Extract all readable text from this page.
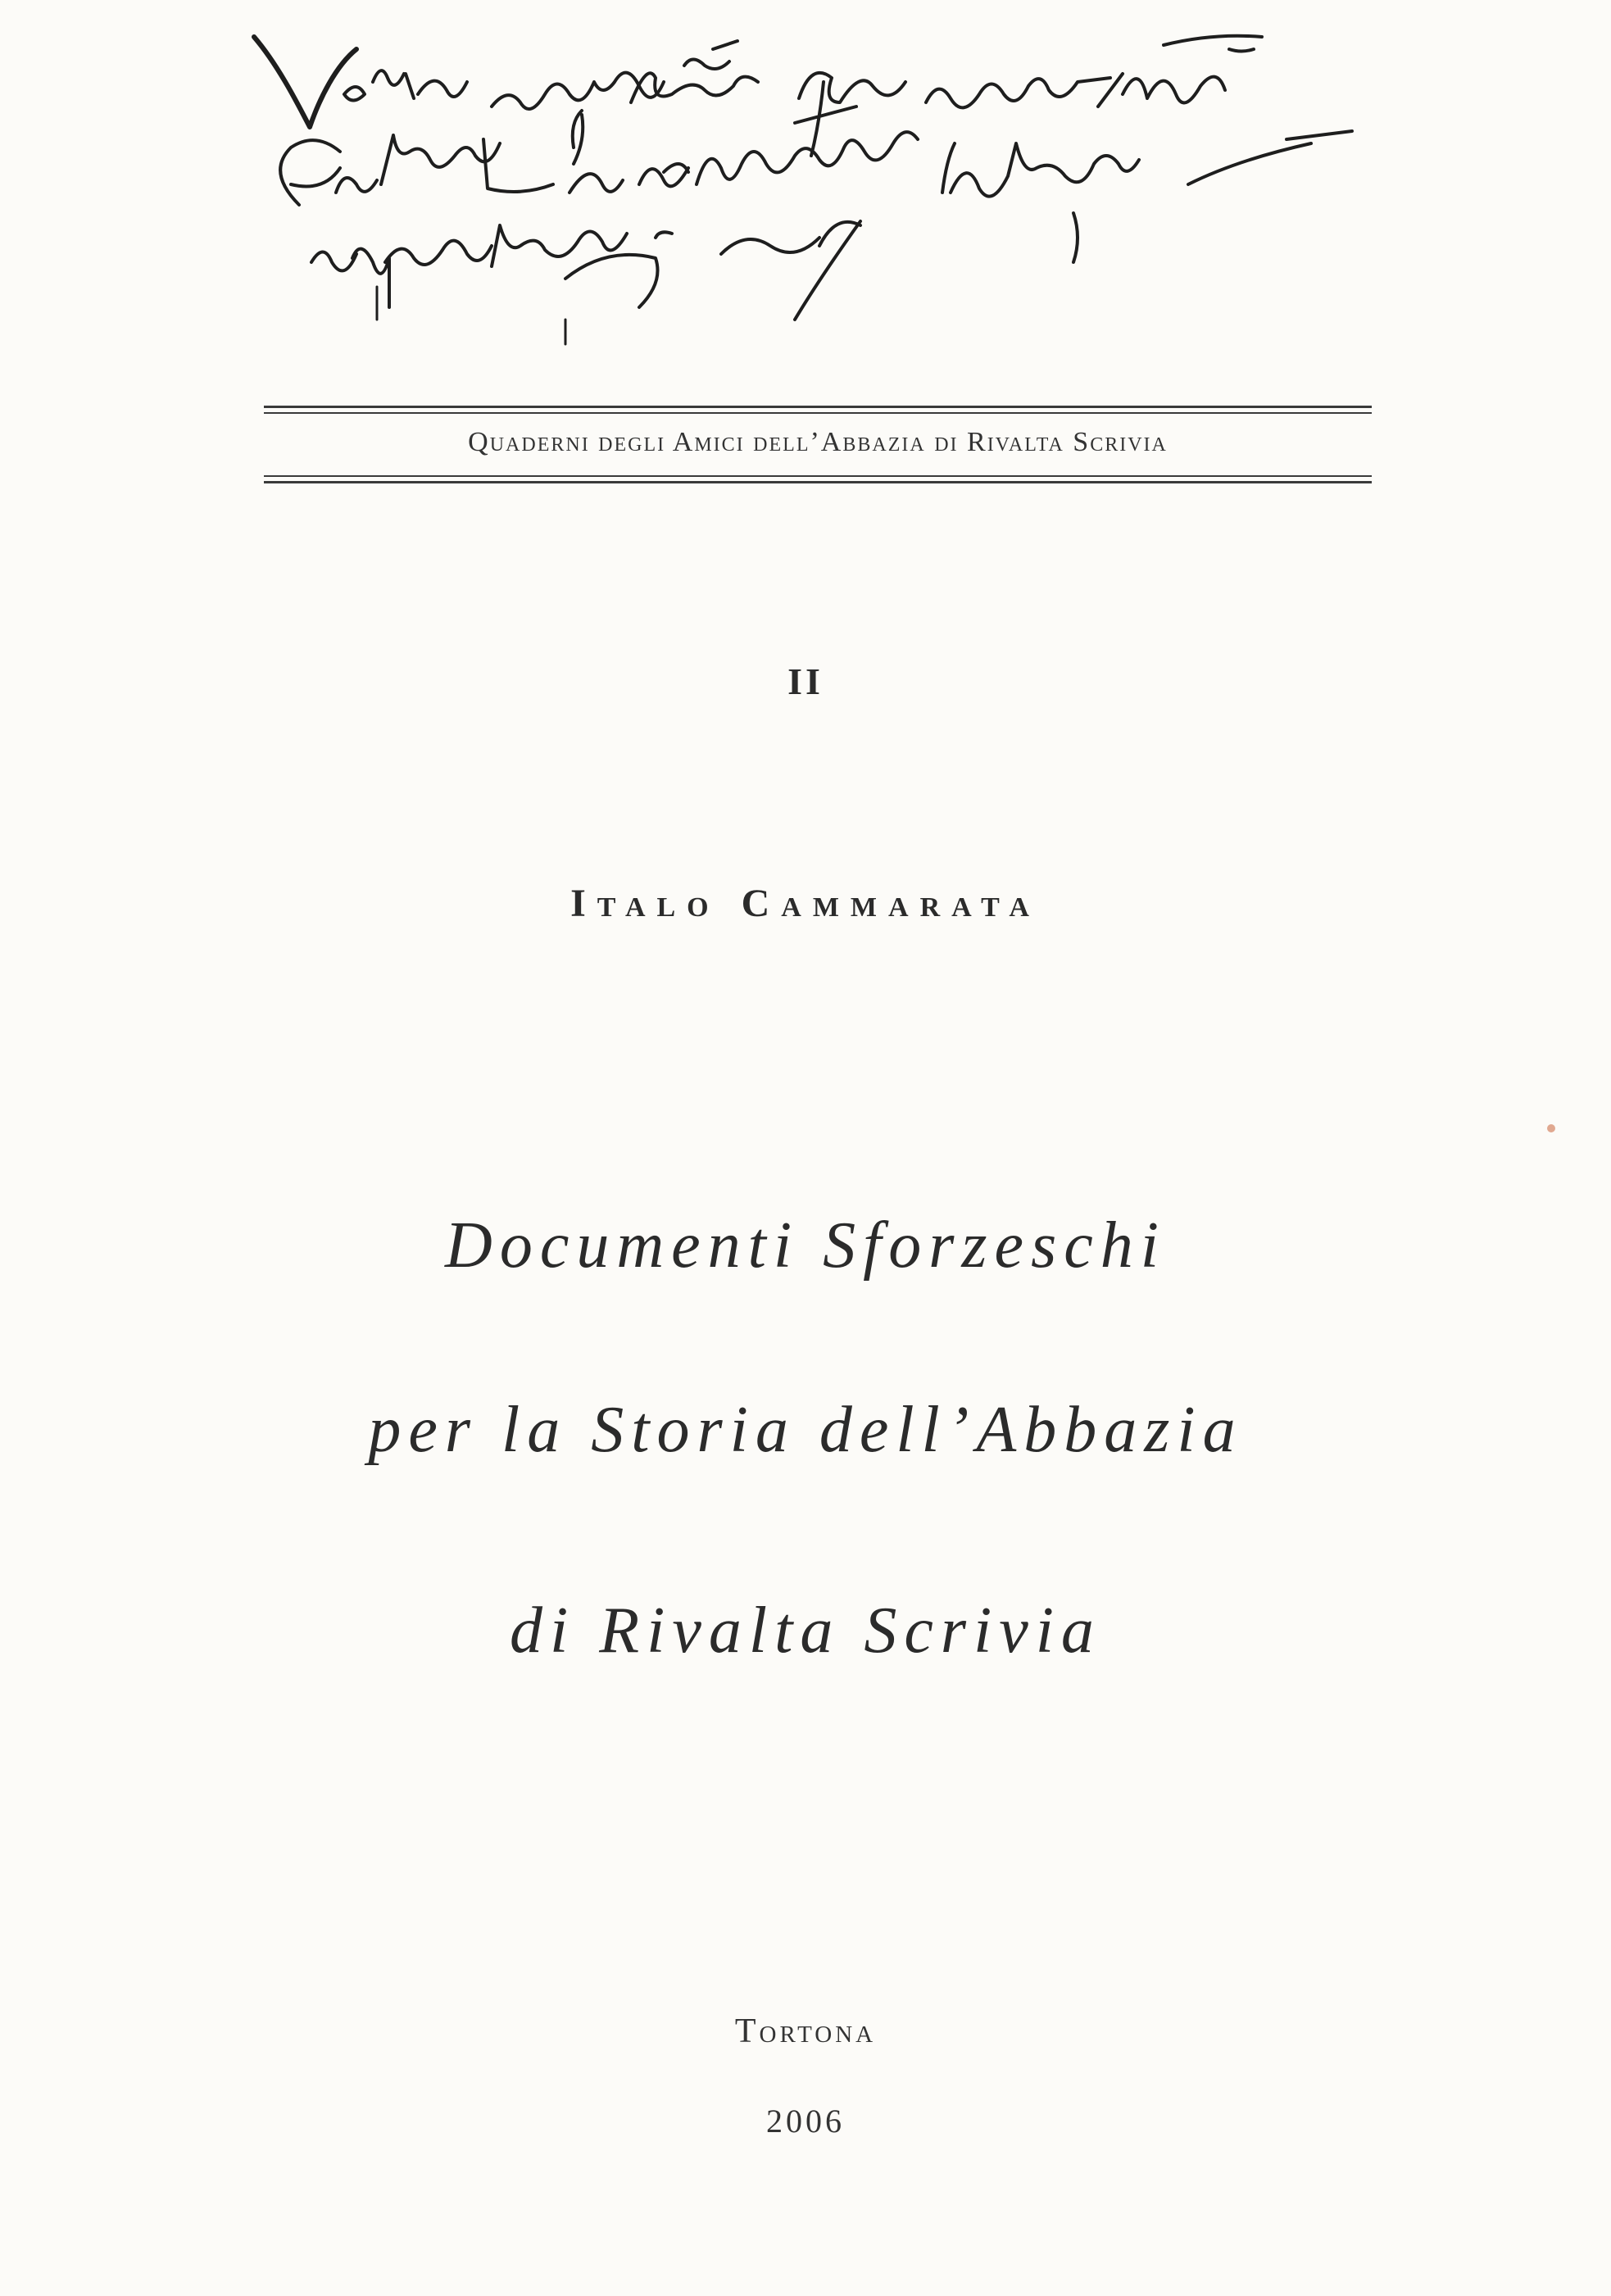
Quaderni degli Amici dell’Abbazia di Rivalta Scrivia
II
Italo Cammarata
Documenti Sforzeschi
per la Storia dell’Abbazia
di Rivalta Scrivia
Tortona
2006
